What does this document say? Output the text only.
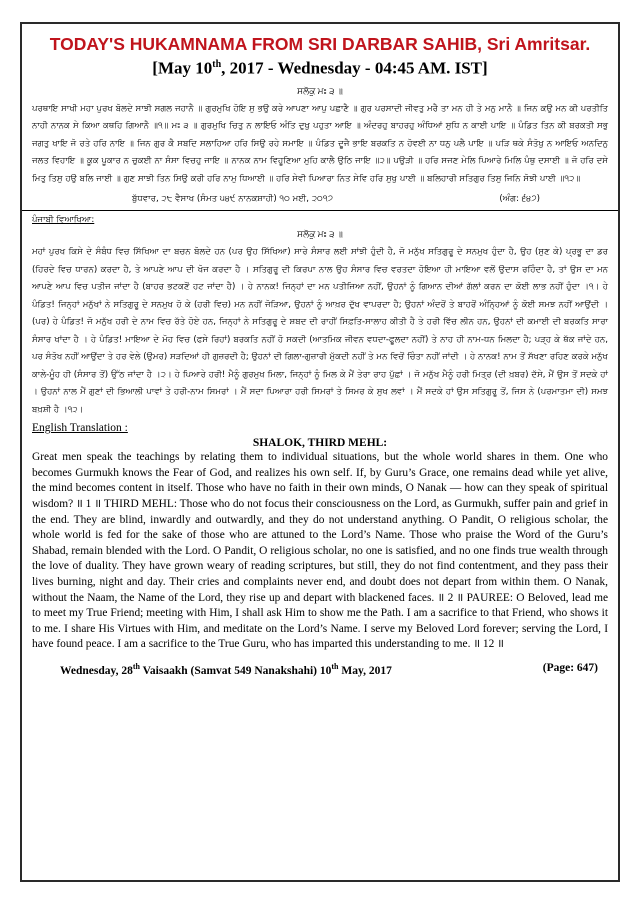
TODAY'S HUKAMNAMA FROM SRI DARBAR SAHIB, Sri Amritsar.
[May 10th, 2017 - Wednesday - 04:45 AM. IST]
ਸਲੋਕੁ ਮਃ ੩ ॥
ਪਰਥਾਇ ਸਾਖੀ ਮਹਾ ਪੁਰਖ ਬੋਲਦੇ ਸਾਝੀ ਸਗਲ ਜਹਾਨੈ ॥ ਗੁਰਮੁਖਿ ਹੋਇ ਸੁ ਭਉ ਕਰੇ ਆਪਣਾ ਆਪੁ ਪਛਾਣੈ ॥ ਗੁਰ ਪਰਸਾਦੀ ਜੀਵਤੁ ਮਰੈ ਤਾ ਮਨ ਹੀ ਤੇ ਮਨੁ ਮਾਨੈ ॥ ਜਿਨ ਕਉ ਮਨ ਕੀ ਪਰਤੀਤਿ ਨਾਹੀ ਨਾਨਕ ਸੇ ਕਿਆ ਕਥਹਿ ਗਿਆਨੈ ॥੧॥ ਮਃ ੩ ॥ ਗੁਰਮੁਖਿ ਚਿਤੁ ਨ ਲਾਇਓ ਅੰਤਿ ਦੁਖੁ ਪਹੁਤਾ ਆਇ ॥ ਅੰਦਰਹੁ ਬਾਹਰਹੁ ਅੰਧਿਆਂ ਸੁਧਿ ਨ ਕਾਈ ਪਾਇ ॥ ਪੰਡਿਤ ਤਿਨ ਕੀ ਬਰਕਤੀ ਸਭੁ ਜਗਤੁ ਖਾਇ ਜੋ ਰਤੇ ਹਰਿ ਨਾਇ ॥ ਜਿਨ ਗੁਰ ਕੈ ਸਬਦਿ ਸਲਾਹਿਆ ਹਰਿ ਸਿਉ ਰਹੇ ਸਮਾਇ ॥ ਪੰਡਿਤ ਦੂਜੈ ਭਾਇ ਬਰਕਤਿ ਨ ਹੋਵਈ ਨਾ ਧਨੁ ਪਲੈ ਪਾਇ ॥ ਪੜਿ ਥਕੇ ਸੰਤੋਖੁ ਨ ਆਇਓ ਅਨਦਿਨੁ ਜਲਤ ਵਿਹਾਇ ॥ ਕੂਕ ਪੂਕਾਰ ਨ ਚੁਕਈ ਨਾ ਸੰਸਾ ਵਿਚਹੁ ਜਾਇ ॥ ਨਾਨਕ ਨਾਮ ਵਿਹੂਣਿਆ ਮੁਹਿ ਕਾਲੈ ਉਠਿ ਜਾਇ ॥੨॥ ਪਉੜੀ ॥ ਹਰਿ ਸਜਣ ਮੇਲਿ ਪਿਆਰੇ ਮਿਲਿ ਪੰਥੁ ਦਸਾਈ ॥ ਜੋ ਹਰਿ ਦਸੇ ਮਿਤੁ ਤਿਸੁ ਹਉ ਬਲਿ ਜਾਈ ॥ ਗੁਣ ਸਾਝੀ ਤਿਨ ਸਿਉ ਕਰੀ ਹਰਿ ਨਾਮੁ ਧਿਆਈ ॥ ਹਰਿ ਸੇਵੀ ਪਿਆਰਾ ਨਿਤ ਸੇਵਿ ਹਰਿ ਸੁਖੁ ਪਾਈ ॥ ਬਲਿਹਾਰੀ ਸਤਿਗੁਰ ਤਿਸੁ ਜਿਨਿ ਸੋਝੀ ਪਾਈ ॥੧੨॥
ਬੁੱਧਵਾਰ, ੨੮ ਵੈਸਾਖ (ਸੰਮਤ ੫੪੯ ਨਾਨਕਸ਼ਾਹੀ) ੧੦ ਮਈ, ੨੦੧੭	(ਅੰਗ: ੬੪੭)
ਪੰਜਾਬੀ ਵਿਆਖਿਆ:
ਸਲੋਕੁ ਮਃ ੩ ॥
ਮਹਾਂ ਪੁਰਖ ਕਿਸੇ ਦੇ ਸੰਬੰਧ ਵਿਚ ਸਿੱਖਿਆ ਦਾ ਬਚਨ ਬੋਲਦੇ ਹਨ (ਪਰ ਉਹ ਸਿੱਖਿਆ) ਸਾਰੇ ਸੰਸਾਰ ਲਈ ਸਾਂਝੀ ਹੁੰਦੀ ਹੈ, ਜੋ ਮਨੁੱਖ ਸਤਿਗੁਰੂ ਦੇ ਸਨਮੁਖ ਹੁੰਦਾ ਹੈ, ਉਹ (ਸੁਣ ਕੇ) ਪ੍ਰਭੂ ਦਾ ਡਰ (ਹਿਰਦੇ ਵਿਚ ਧਾਰਨ) ਕਰਦਾ ਹੈ, ਤੇ ਆਪਣੇ ਆਪ ਦੀ ਖੋਜ ਕਰਦਾ ਹੈ । ਸਤਿਗੁਰੂ ਦੀ ਕਿਰਪਾ ਨਾਲ ਉਹ ਸੰਸਾਰ ਵਿਚ ਵਰਤਦਾ ਹੋਇਆ ਹੀ ਮਾਇਆ ਵਲੋਂ ਉਦਾਸ ਰਹਿੰਦਾ ਹੈ, ਤਾਂ ਉਸ ਦਾ ਮਨ ਆਪਣੇ ਆਪ ਵਿਚ ਪਤੀਜ ਜਾਂਦਾ ਹੈ (ਬਾਹਰ ਭਟਕਣੋਂ ਹਟ ਜਾਂਦਾ ਹੈ) । ਹੇ ਨਾਨਕ! ਜਿਨ੍ਹਾਂ ਦਾ ਮਨ ਪਤੀਜਿਆ ਨਹੀਂ, ਉਹਨਾਂ ਨੂੰ ਗਿਆਨ ਦੀਆਂ ਗੱਲਾਂ ਕਰਨ ਦਾ ਕੋਈ ਲਾਭ ਨਹੀਂ ਹੁੰਦਾ ।੧। ਹੇ ਪੰਡਿਤ! ਜਿਨ੍ਹਾਂ ਮਨੁੱਖਾਂ ਨੇ ਸਤਿਗੁਰੂ ਦੇ ਸਨਮੁਖ ਹੋ ਕੇ (ਹਰੀ ਵਿਚ) ਮਨ ਨਹੀਂ ਜੋੜਿਆ, ਉਹਨਾਂ ਨੂੰ ਆਖ਼ਰ ਦੁੱਖ ਵਾਪਰਦਾ ਹੈ; ਉਹਨਾਂ ਅੰਦਰੋਂ ਤੇ ਬਾਹਰੋਂ ਅੰਨ੍ਹਿਆਂ ਨੂੰ ਕੋਈ ਸਮਝ ਨਹੀਂ ਆਉਂਦੀ । (ਪਰ) ਹੇ ਪੰਡਿਤ! ਜੋ ਮਨੁੱਖ ਹਰੀ ਦੇ ਨਾਮ ਵਿਚ ਰੱਤੇ ਹੋਏ ਹਨ, ਜਿਨ੍ਹਾਂ ਨੇ ਸਤਿਗੁਰੂ ਦੇ ਸ਼ਬਦ ਦੀ ਰਾਹੀਂ ਸਿਫ਼ਤਿ-ਸਾਲਾਹ ਕੀਤੀ ਹੈ ਤੇ ਹਰੀ ਵਿੱਚ ਲੀਨ ਹਨ, ਉਹਨਾਂ ਦੀ ਕਮਾਈ ਦੀ ਬਰਕਤਿ ਸਾਰਾ ਸੰਸਾਰ ਖਾਂਦਾ ਹੈ । ਹੇ ਪੰਡਿਤ! ਮਾਇਆ ਦੇ ਮੋਹ ਵਿਚ (ਫਸੇ ਰਿਹਾਂ) ਬਰਕਤਿ ਨਹੀਂ ਹੋ ਸਕਦੀ (ਆਤਮਿਕ ਜੀਵਨ ਵਧਦਾ-ਫੂਲਦਾ ਨਹੀਂ) ਤੇ ਨਾਹ ਹੀ ਨਾਮ-ਧਨ ਮਿਲਦਾ ਹੈ; ਪੜ੍ਹ ਕੇ ਥੱਕ ਜਾਂਦੇ ਹਨ, ਪਰ ਸੰਤੋਖ ਨਹੀਂ ਆਉਂਦਾ ਤੇ ਹਰ ਵੇਲੇ (ਉਮਰ) ਸੜਦਿਆਂ ਹੀ ਗੁਜ਼ਰਦੀ ਹੈ; ਉਹਨਾਂ ਦੀ ਗਿਲਾ-ਗੁਜ਼ਾਰੀ ਮੁੱਕਦੀ ਨਹੀਂ ਤੇ ਮਨ ਵਿਚੋਂ ਚਿੰਤਾ ਨਹੀਂ ਜਾਂਦੀ । ਹੇ ਨਾਨਕ! ਨਾਮ ਤੋਂ ਸੱਖਣਾ ਰਹਿਣ ਕਰਕੇ ਮਨੁੱਖ ਕਾਲੇ-ਮੂੰਹ ਹੀ (ਸੰਸਾਰ ਤੋਂ) ਉੱਠ ਜਾਂਦਾ ਹੈ ।੨। ਹੇ ਪਿਆਰੇ ਹਰੀ! ਮੈਨੂੰ ਗੁਰਮੁਖ ਮਿਲਾ, ਜਿਨ੍ਹਾਂ ਨੂੰ ਮਿਲ ਕੇ ਮੈਂ ਤੇਰਾ ਰਾਹ ਪੁੱਛਾਂ । ਜੋ ਮਨੁੱਖ ਮੈਨੂੰ ਹਰੀ ਮਿਤ੍ਰ (ਦੀ ਖ਼ਬਰ) ਦੱਸੇ, ਮੈਂ ਉਸ ਤੋਂ ਸਦਕੇ ਹਾਂ । ਉਹਨਾਂ ਨਾਲ ਮੈਂ ਗੁਣਾਂ ਦੀ ਭਿਆਲੀ ਪਾਵਾਂ ਤੇ ਹਰੀ-ਨਾਮ ਸਿਮਰਾਂ । ਮੈਂ ਸਦਾ ਪਿਆਰਾ ਹਰੀ ਸਿਮਰਾਂ ਤੇ ਸਿਮਰ ਕੇ ਸੁਖ ਲਵਾਂ । ਮੈਂ ਸਦਕੇ ਹਾਂ ਉਸ ਸਤਿਗੁਰੂ ਤੋਂ, ਜਿਸ ਨੇ (ਪਰਮਾਤਮਾ ਦੀ) ਸਮਝ ਬਖ਼ਸ਼ੀ ਹੈ ।੧੨।
English Translation :
SHALOK, THIRD MEHL:
Great men speak the teachings by relating them to individual situations, but the whole world shares in them. One who becomes Gurmukh knows the Fear of God, and realizes his own self. If, by Guru’s Grace, one remains dead while yet alive, the mind becomes content in itself. Those who have no faith in their own minds, O Nanak — how can they speak of spiritual wisdom? ॥ 1 ॥ THIRD MEHL: Those who do not focus their consciousness on the Lord, as Gurmukh, suffer pain and grief in the end. They are blind, inwardly and outwardly, and they do not understand anything. O Pandit, O religious scholar, the whole world is fed for the sake of those who are attuned to the Lord’s Name. Those who praise the Word of the Guru’s Shabad, remain blended with the Lord. O Pandit, O religious scholar, no one is satisfied, and no one finds true wealth through the love of duality. They have grown weary of reading scriptures, but still, they do not find contentment, and they pass their lives burning, night and day. Their cries and complaints never end, and doubt does not depart from within them. O Nanak, without the Naam, the Name of the Lord, they rise up and depart with blackened faces. ॥ 2 ॥ PAUREE: O Beloved, lead me to meet my True Friend; meeting with Him, I shall ask Him to show me the Path. I am a sacrifice to that Friend, who shows it to me. I share His Virtues with Him, and meditate on the Lord’s Name. I serve my Beloved Lord forever; serving the Lord, I have found peace. I am a sacrifice to the True Guru, who has imparted this understanding to me. ॥ 12 ॥
Wednesday, 28th Vaisaakh (Samvat 549 Nanakshahi) 10th May, 2017	(Page: 647)
